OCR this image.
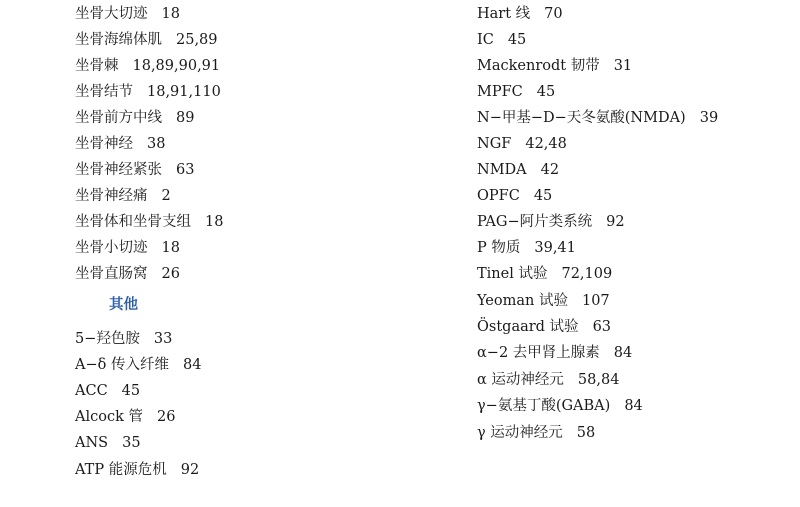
坐骨大切迹 18
坐骨海绵体肌 25,89
坐骨棘 18,89,90,91
坐骨结节 18,91,110
坐骨前方中线 89
坐骨神经 38
坐骨神经紧张 63
坐骨神经痛 2
坐骨体和坐骨支组 18
坐骨小切迹 18
坐骨直肠窝 26
其他
5−羟色胺 33
A−δ 传入纤维 84
ACC 45
Alcock 管 26
ANS 35
ATP 能源危机 92
Hart 线 70
IC 45
Mackenrodt 韧带 31
MPFC 45
N−甲基−D−天冬氨酸(NMDA) 39
NGF 42,48
NMDA 42
OPFC 45
PAG−阿片类系统 92
P 物质 39,41
Tinel 试验 72,109
Yeoman 试验 107
Östgaard 试验 63
α−2 去甲肾上腺素 84
α 运动神经元 58,84
γ−氨基丁酸(GABA) 84
γ 运动神经元 58
